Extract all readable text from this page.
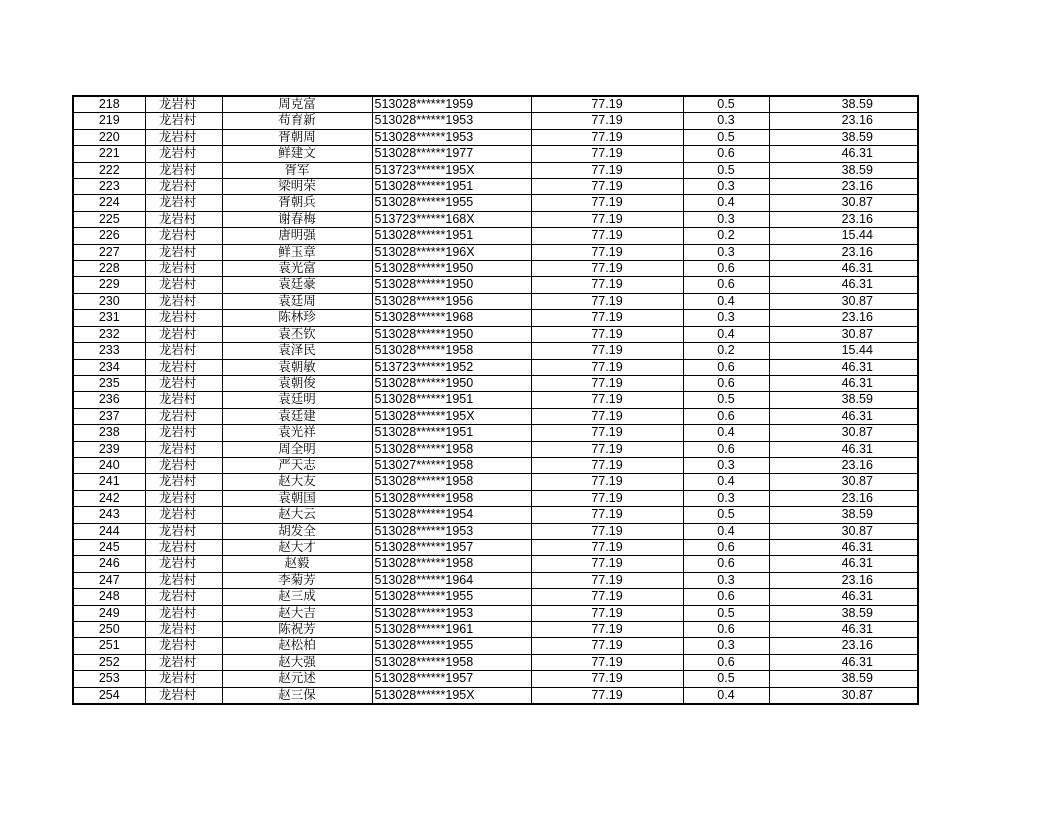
218	龙岩村	周克富	513028******1959	77.19	0.5	38.59
219	龙岩村	苟育新	513028******1953	77.19	0.3	23.16
220	龙岩村	胥朝周	513028******1953	77.19	0.5	38.59
221	龙岩村	鲜建文	513028******1977	77.19	0.6	46.31
222	龙岩村	胥军	513723******195X	77.19	0.5	38.59
223	龙岩村	梁明荣	513028******1951	77.19	0.3	23.16
224	龙岩村	胥朝兵	513028******1955	77.19	0.4	30.87
225	龙岩村	谢春梅	513723******168X	77.19	0.3	23.16
226	龙岩村	唐明强	513028******1951	77.19	0.2	15.44
227	龙岩村	鲜玉章	513028******196X	77.19	0.3	23.16
228	龙岩村	袁光富	513028******1950	77.19	0.6	46.31
229	龙岩村	袁廷豪	513028******1950	77.19	0.6	46.31
230	龙岩村	袁廷周	513028******1956	77.19	0.4	30.87
231	龙岩村	陈林珍	513028******1968	77.19	0.3	23.16
232	龙岩村	袁丕钦	513028******1950	77.19	0.4	30.87
233	龙岩村	袁泽民	513028******1958	77.19	0.2	15.44
234	龙岩村	袁朝敏	513723******1952	77.19	0.6	46.31
235	龙岩村	袁朝俊	513028******1950	77.19	0.6	46.31
236	龙岩村	袁廷明	513028******1951	77.19	0.5	38.59
237	龙岩村	袁廷建	513028******195X	77.19	0.6	46.31
238	龙岩村	袁光祥	513028******1951	77.19	0.4	30.87
239	龙岩村	周全明	513028******1958	77.19	0.6	46.31
240	龙岩村	严天志	513027******1958	77.19	0.3	23.16
241	龙岩村	赵大友	513028******1958	77.19	0.4	30.87
242	龙岩村	袁朝国	513028******1958	77.19	0.3	23.16
243	龙岩村	赵大云	513028******1954	77.19	0.5	38.59
244	龙岩村	胡发全	513028******1953	77.19	0.4	30.87
245	龙岩村	赵大才	513028******1957	77.19	0.6	46.31
246	龙岩村	赵毅	513028******1958	77.19	0.6	46.31
247	龙岩村	李菊芳	513028******1964	77.19	0.3	23.16
248	龙岩村	赵三成	513028******1955	77.19	0.6	46.31
249	龙岩村	赵大吉	513028******1953	77.19	0.5	38.59
250	龙岩村	陈祝芳	513028******1961	77.19	0.6	46.31
251	龙岩村	赵松柏	513028******1955	77.19	0.3	23.16
252	龙岩村	赵大强	513028******1958	77.19	0.6	46.31
253	龙岩村	赵元述	513028******1957	77.19	0.5	38.59
254	龙岩村	赵三保	513028******195X	77.19	0.4	30.87
